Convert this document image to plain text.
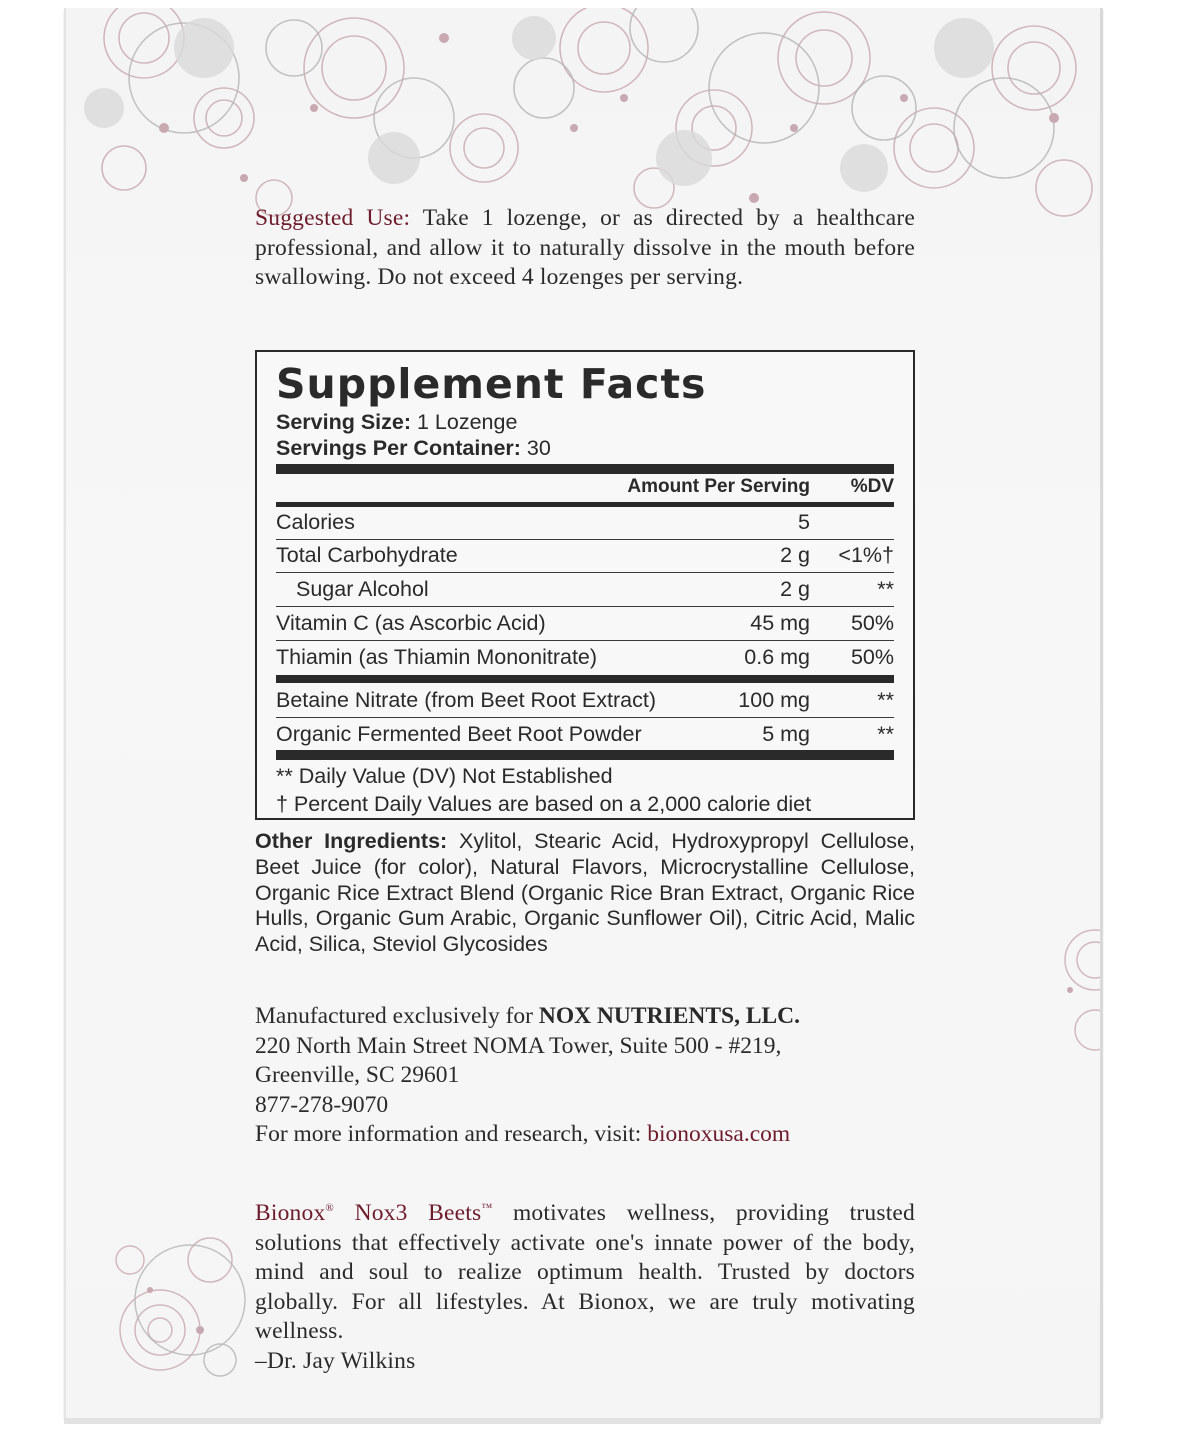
Suggested Use: Take 1 lozenge, or as directed by a healthcare professional, and allow it to naturally dissolve in the mouth before swallowing. Do not exceed 4 lozenges per serving.
Supplement Facts
Serving Size: 1 Lozenge
Servings Per Container: 30
Amount Per Serving %DV
Calories	5
Total Carbohydrate	2 g <1%†
Sugar Alcohol	2 g	**
Vitamin C (as Ascorbic Acid)	45 mg 50%
Thiamin (as Thiamin Mononitrate)	0.6 mg 50%
Betaine Nitrate (from Beet Root Extract)	100 mg	**
Organic Fermented Beet Root Powder	5 mg	**
** Daily Value (DV) Not Established
† Percent Daily Values are based on a 2,000 calorie diet
Other Ingredients: Xylitol, Stearic Acid, Hydroxypropyl Cellulose, Beet Juice (for color), Natural Flavors, Microcrystalline Cellulose, Organic Rice Extract Blend (Organic Rice Bran Extract, Organic Rice Hulls, Organic Gum Arabic, Organic Sunflower Oil), Citric Acid, Malic Acid, Silica, Steviol Glycosides
Manufactured exclusively for NOX NUTRIENTS, LLC.
220 North Main Street NOMA Tower, Suite 500 - #219,
Greenville, SC 29601
877-278-9070
For more information and research, visit: bionoxusa.com
Bionox® Nox3 Beets™ motivates wellness, providing trusted solutions that effectively activate one's innate power of the body, mind and soul to realize optimum health. Trusted by doctors globally. For all lifestyles. At Bionox, we are truly motivating wellness.
–Dr. Jay Wilkins
